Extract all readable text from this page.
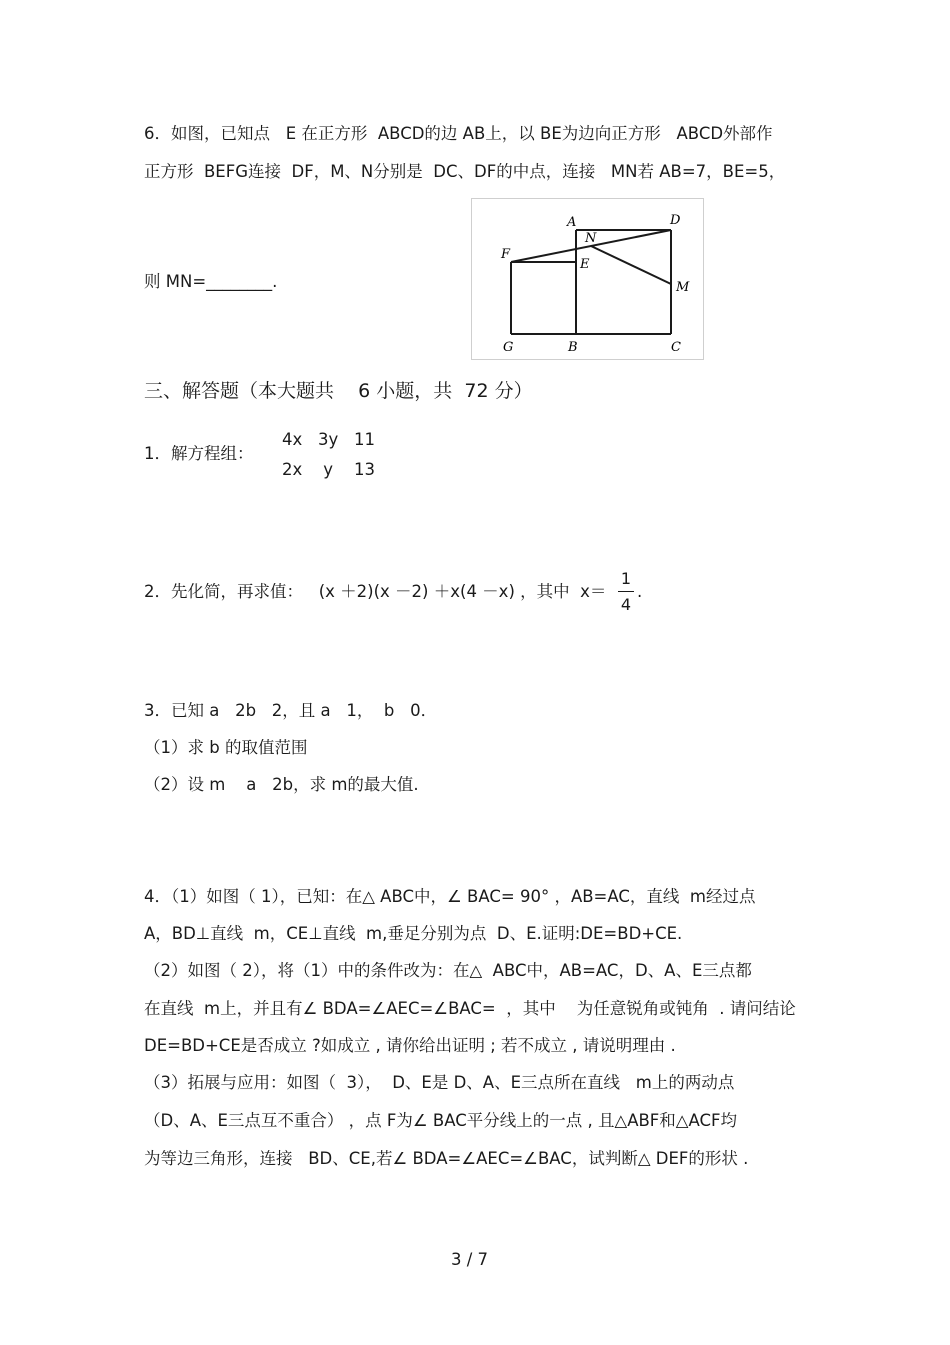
6．如图，已知点   E 在正方形  ABCD的边 AB上，以 BE为边向正方形   ABCD外部作
正方形  BEFG连接  DF，M、N分别是  DC、DF的中点，连接   MN若 AB=7，BE=5，
则 MN=________.
A	D
N
F
E
M
G	B	C
三、解答题（本大题共    6 小题，共  72 分）
1．解方程组：
4x   3y   11
2x    y    13
2．先化简，再求值：   (x ＋2)(x －2) ＋x(4 －x) ，其中  x＝
1
4
.
3．已知 a   2b   2，且 a   1，  b   0．
（1）求 b 的取值范围
（2）设 m    a   2b，求 m的最大值.
4．（1）如图（ 1），已知：在△ ABC中，∠ BAC= 90° ，AB=AC，直线  m经过点
A，BD⊥直线  m，CE⊥直线  m,垂足分别为点  D、E.证明:DE=BD+CE.
（2）如图（ 2），将（1）中的条件改为：在△  ABC中，AB=AC，D、A、E三点都
在直线  m上，并且有∠ BDA=∠AEC=∠BAC=  ，其中    为任意锐角或钝角  . 请问结论
DE=BD+CE是否成立 ?如成立 , 请你给出证明 ; 若不成立 , 请说明理由 .
（3）拓展与应用：如图（  3），  D、E是 D、A、E三点所在直线   m上的两动点
（D、A、E三点互不重合） ，点 F为∠ BAC平分线上的一点 , 且△ABF和△ACF均
为等边三角形，连接   BD、CE,若∠ BDA=∠AEC=∠BAC，试判断△ DEF的形状 .
3 / 7
